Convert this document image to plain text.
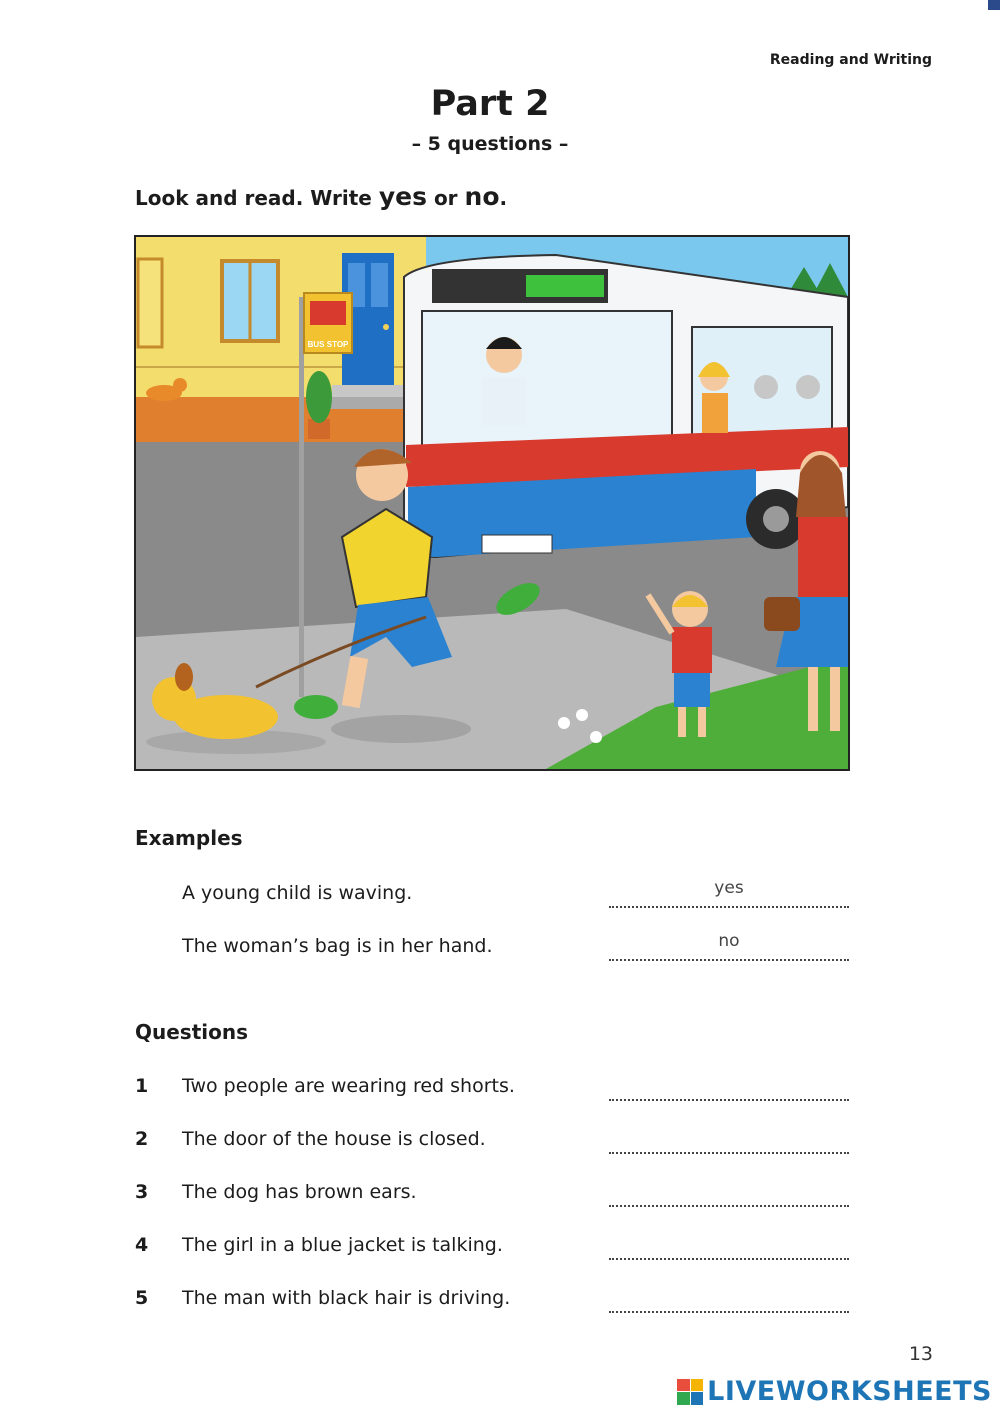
Reading and Writing
Part 2
– 5 questions –
Look and read. Write yes or no.
BUS STOP
Examples
A young child is waving.	yes
The woman’s bag is in her hand.	no
Questions
1 Two people are wearing red shorts.
2 The door of the house is closed.
3 The dog has brown ears.
4 The girl in a blue jacket is talking.
5 The man with black hair is driving.
13
LIVEWORKSHEETS
